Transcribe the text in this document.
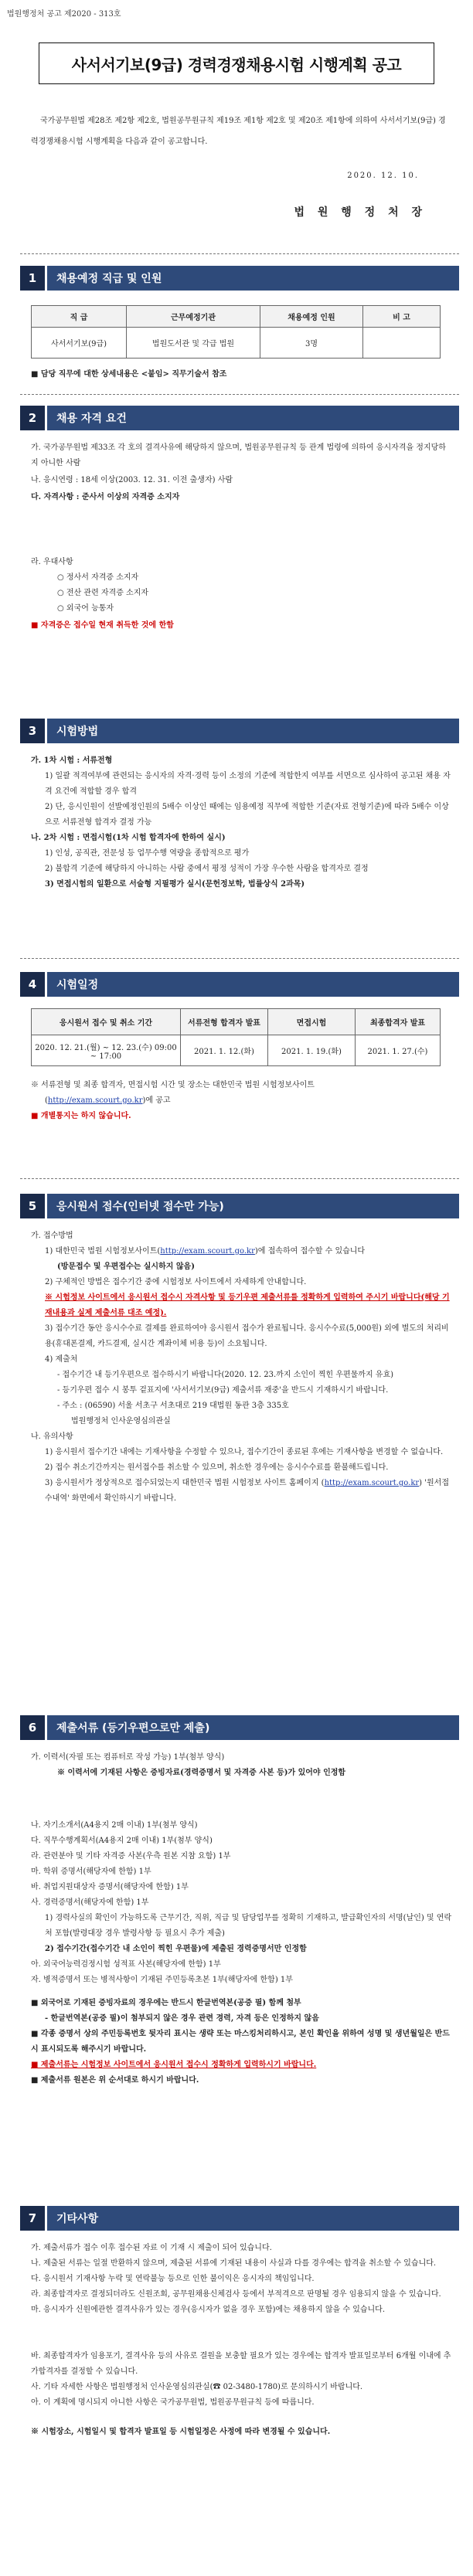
법원행정처 공고 제2020 - 313호
사서서기보(9급) 경력경쟁채용시험 시행계획 공고
국가공무원법 제28조 제2항 제2호, 법원공무원규칙 제19조 제1항 제2호 및 제20조 제1항에 의하여 사서서기보(9급) 경력경쟁채용시험 시행계획을 다음과 같이 공고합니다.
2020. 12. 10.
법 원 행 정 처 장
1	채용예정 직급 및 인원
직 급	근무예정기관	채용예정 인원	비 고
사서서기보(9급)	법원도서관 및 각급 법원	3명	
■ 담당 직무에 대한 상세내용은 <붙임> 직무기술서 참조
2	채용 자격 요건

가. 국가공무원법 제33조 각 호의 결격사유에 해당하지 않으며, 법원공무원규칙 등 관계 법령에 의하여 응시자격을 정지당하지 아니한 사람

나. 응시연령 : 18세 이상(2003. 12. 31. 이전 출생자) 사람

다. 자격사항 : 준사서 이상의 자격증 소지자

라. 우대사항

○ 정사서 자격증 소지자

○ 전산 관련 자격증 소지자

○ 외국어 능통자

■ 자격증은 접수일 현재 취득한 것에 한함

3	시험방법

가. 1차 시험 : 서류전형

1) 일괄 적격여부에 관련되는 응시자의 자격·경력 등이 소정의 기준에 적합한지 여부를 서면으로 심사하여 공고된 채용 자격 요건에 적합할 경우 합격

2) 단, 응시인원이 선발예정인원의 5배수 이상인 때에는 임용예정 직무에 적합한 기준(자료 전형기준)에 따라 5배수 이상으로 서류전형 합격자 결정 가능

나. 2차 시험 : 면접시험(1차 시험 합격자에 한하여 실시)

1) 인성, 공직관, 전문성 등 업무수행 역량을 종합적으로 평가

2) 불합격 기준에 해당하지 아니하는 사람 중에서 평정 성적이 가장 우수한 사람을 합격자로 결정

3) 면접시험의 일환으로 서술형 지필평가 실시(문헌정보학, 법률상식 2과목)

4	시험일정
응시원서 접수 및 취소 기간	서류전형 합격자 발표	면접시험	최종합격자 발표
2020. 12. 21.(월) ~ 12. 23.(수) 09:00 ~ 17:00	2021. 1. 12.(화)	2021. 1. 19.(화)	2021. 1. 27.(수)

※ 서류전형 및 최종 합격자, 면접시험 시간 및 장소는 대한민국 법원 시험정보사이트

(http://exam.scourt.go.kr)에 공고

■ 개별통지는 하지 않습니다.

5	응시원서 접수(인터넷 접수만 가능)

가. 접수방법

1) 대한민국 법원 시험정보사이트(http://exam.scourt.go.kr)에 접속하여 접수할 수 있습니다

(방문접수 및 우편접수는 실시하지 않음)

2) 구체적인 방법은 접수기간 중에 시험정보 사이트에서 자세하게 안내합니다.

※ 시험정보 사이트에서 응시원서 접수시 자격사항 및 등기우편 제출서류를 정확하게 입력하여 주시기 바랍니다(해당 기재내용과 실제 제출서류 대조 예정).

3) 접수기간 동안 응시수수료 결제를 완료하여야 응시원서 접수가 완료됩니다. 응시수수료(5,000원) 외에 별도의 처리비용(휴대폰결제, 카드결제, 실시간 계좌이체 비용 등)이 소요됩니다.

4) 제출처

- 접수기간 내 등기우편으로 접수하시기 바랍니다(2020. 12. 23.까지 소인이 찍힌 우편물까지 유효)

- 등기우편 접수 시 봉투 겉표지에 '사서서기보(9급) 제출서류 재중'을 반드시 기재하시기 바랍니다.

- 주소 : (06590) 서울 서초구 서초대로 219 대법원 동관 3층 335호

법원행정처 인사운영심의관실

나. 유의사항

1) 응시원서 접수기간 내에는 기재사항을 수정할 수 있으나, 접수기간이 종료된 후에는 기재사항을 변경할 수 없습니다.

2) 접수 취소기간까지는 원서접수를 취소할 수 있으며, 취소한 경우에는 응시수수료를 환불해드립니다.

3) 응시원서가 정상적으로 접수되었는지 대한민국 법원 시험정보 사이트 홈페이지 (http://exam.scourt.go.kr) '원서접수내역' 화면에서 확인하시기 바랍니다.

6	제출서류 (등기우편으로만 제출)

가. 이력서(자필 또는 컴퓨터로 작성 가능) 1부(첨부 양식)

※ 이력서에 기재된 사항은 증빙자료(경력증명서 및 자격증 사본 등)가 있어야 인정함

나. 자기소개서(A4용지 2매 이내) 1부(첨부 양식)

다. 직무수행계획서(A4용지 2매 이내) 1부(첨부 양식)

라. 관련분야 및 기타 자격증 사본(우측 원본 지참 요함) 1부

마. 학위 증명서(해당자에 한함) 1부

바. 취업지원대상자 증명서(해당자에 한함) 1부

사. 경력증명서(해당자에 한함) 1부

1) 경력사실의 확인이 가능하도록 근무기간, 직위, 직급 및 담당업무를 정확히 기재하고, 발급확인자의 서명(날인) 및 연락처 포함(발령대장 경우 발령사항 등 필요시 추가 제출)

2) 접수기간(접수기간 내 소인이 찍힌 우편물)에 제출된 경력증명서만 인정함

아. 외국어능력검정시험 성적표 사본(해당자에 한함) 1부

자. 병적증명서 또는 병적사항이 기재된 주민등록초본 1부(해당자에 한함) 1부

■ 외국어로 기재된 증빙자료의 경우에는 반드시 한글번역본(공증 필) 함께 첨부

- 한글번역본(공증 필)이 첨부되지 않은 경우 관련 경력, 자격 등은 인정하지 않음

■ 각종 증명서 상의 주민등록번호 뒷자리 표시는 생략 또는 마스킹처리하시고, 본인 확인을 위하여 성명 및 생년월일은 반드시 표시되도록 해주시기 바랍니다.

■ 제출서류는 시험정보 사이트에서 응시원서 접수시 정확하게 입력하시기 바랍니다.

■ 제출서류 원본은 위 순서대로 하시기 바랍니다.

7	기타사항

가. 제출서류가 접수 이후 접수된 자료 이 기재 시 제출이 되어 있습니다.

나. 제출된 서류는 일절 반환하지 않으며, 제출된 서류에 기재된 내용이 사실과 다를 경우에는 합격을 취소할 수 있습니다.

다. 응시원서 기재사항 누락 및 연락불능 등으로 인한 불이익은 응시자의 책임입니다.

라. 최종합격자로 결정되더라도 신원조회, 공무원채용신체검사 등에서 부적격으로 판명될 경우 임용되지 않을 수 있습니다.

마. 응시자가 신원에관한 결격사유가 있는 경우(응시자가 없을 경우 포함)에는 채용하지 않을 수 있습니다.

바. 최종합격자가 임용포기, 결격사유 등의 사유로 결원을 보충할 필요가 있는 경우에는 합격자 발표일로부터 6개월 이내에 추가합격자를 결정할 수 있습니다.

사. 기타 자세한 사항은 법원행정처 인사운영심의관실(☎ 02-3480-1780)로 문의하시기 바랍니다.

아. 이 계획에 명시되지 아니한 사항은 국가공무원법, 법원공무원규칙 등에 따릅니다.

※ 시험장소, 시험일시 및 합격자 발표일 등 시험일정은 사정에 따라 변경될 수 있습니다.
